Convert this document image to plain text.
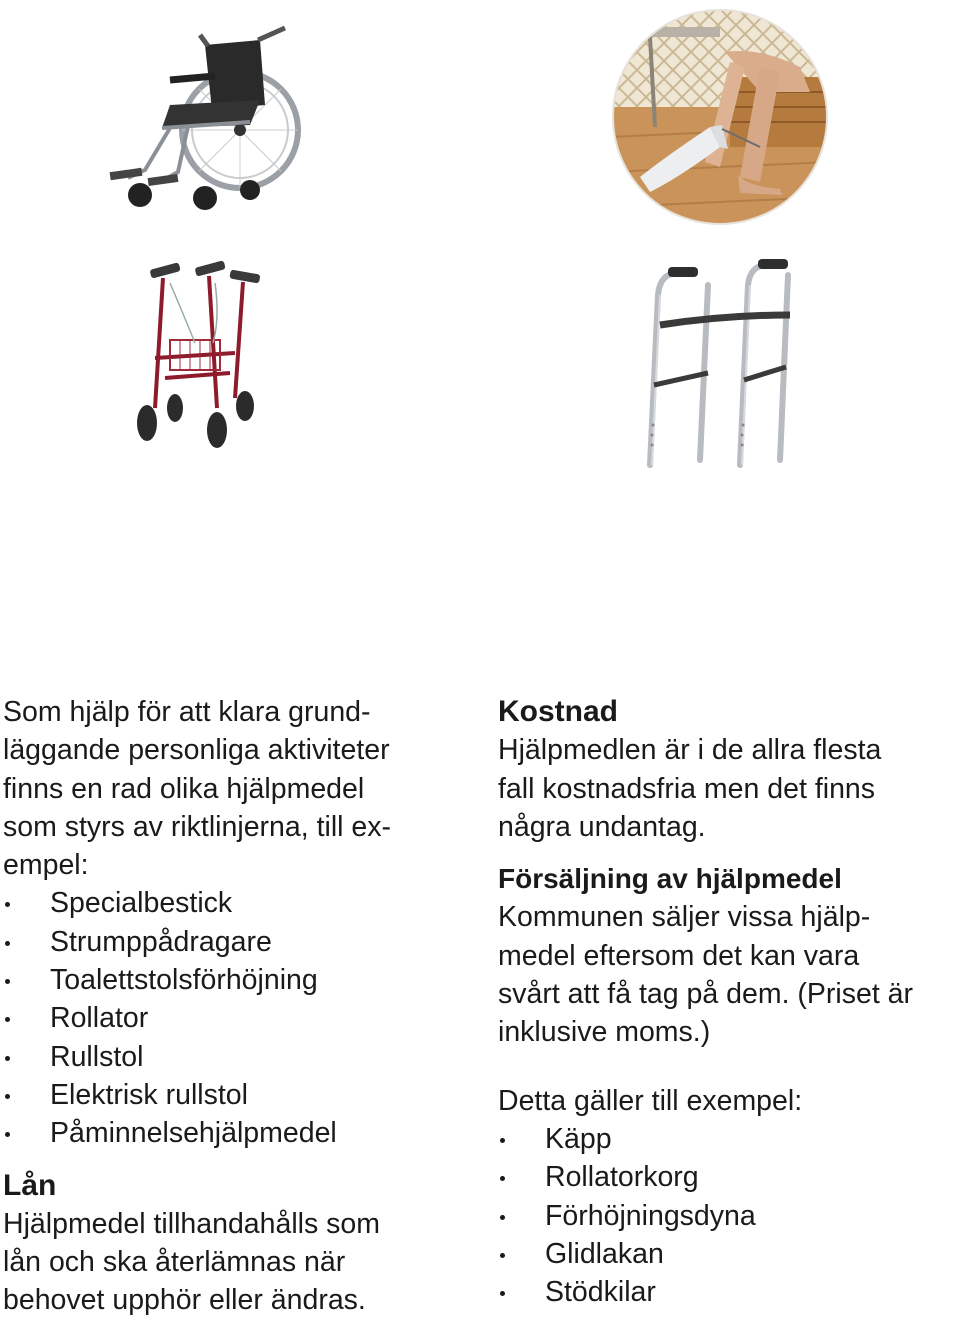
Som hjälp för att klara grund-

läggande personliga aktiviteter

finns en rad olika hjälpmedel

som styrs av riktlinjerna, till ex-

empel:

Specialbestick
Strumppådragare
Toalettstolsförhöjning
Rollator
Rullstol
Elektrisk rullstol
Påminnelsehjälpmedel

Lån

Hjälpmedel tillhandahålls som

lån och ska återlämnas när

behovet upphör eller ändras.

Kostnad

Hjälpmedlen är i de allra flesta

fall kostnadsfria men det finns

några undantag.

Försäljning av hjälpmedel

Kommunen säljer vissa hjälp-

medel eftersom det kan vara

svårt att få tag på dem. (Priset är

inklusive moms.)

Detta gäller till exempel:

Käpp
Rollatorkorg
Förhöjningsdyna
Glidlakan
Stödkilar
